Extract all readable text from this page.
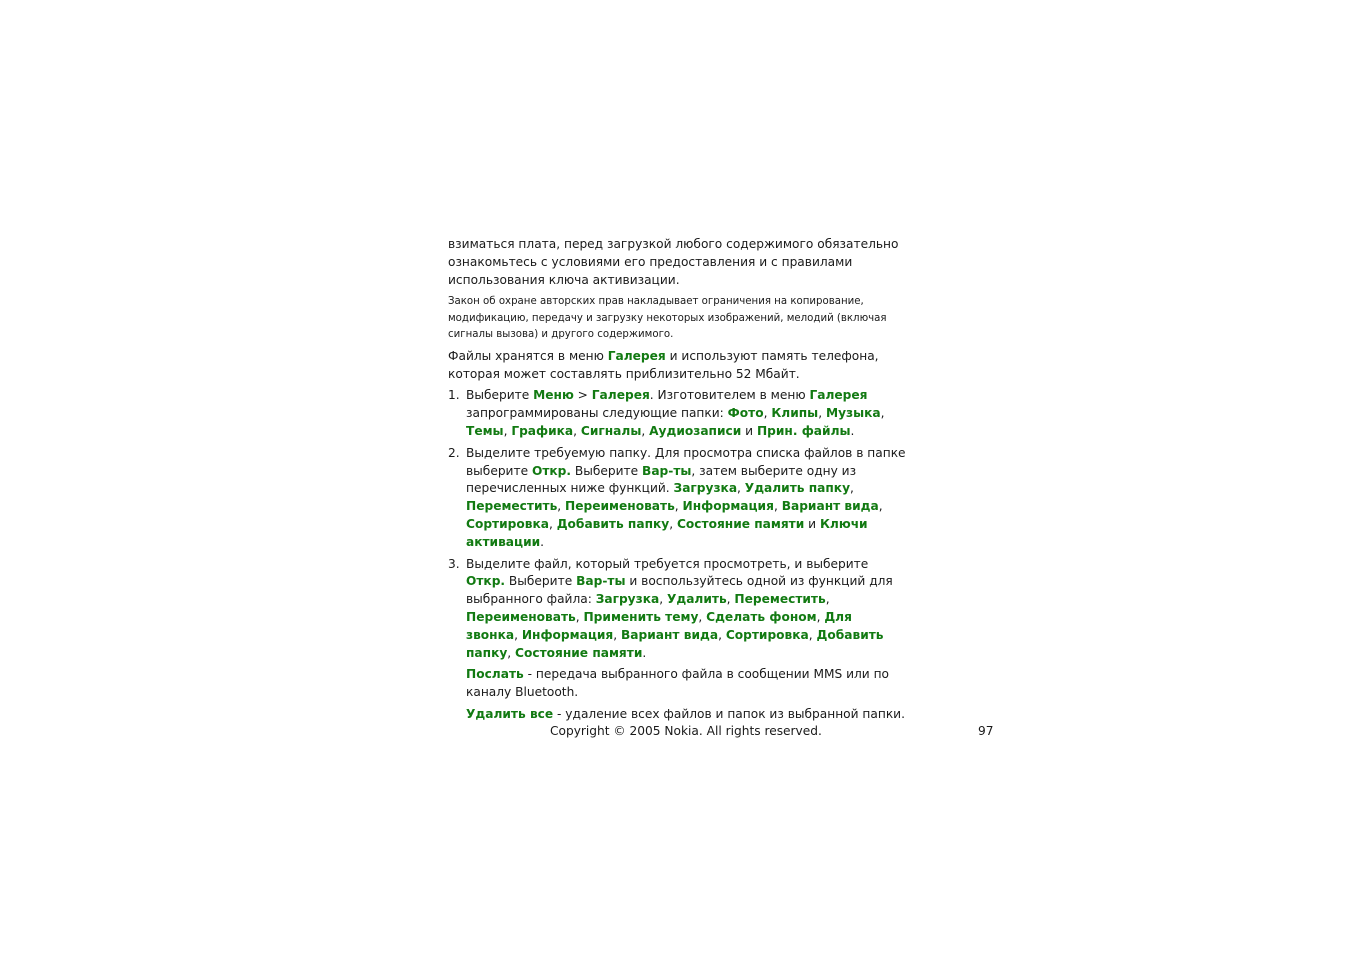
взиматься плата, перед загрузкой любого содержимого обязательно ознакомьтесь с условиями его предоставления и с правилами использования ключа активизации.

Закон об охране авторских прав накладывает ограничения на копирование, модификацию, передачу и загрузку некоторых изображений, мелодий (включая сигналы вызова) и другого содержимого.

Файлы хранятся в меню Галерея и используют память телефона, которая может составлять приблизительно 52 Мбайт.

1. Выберите Меню > Галерея. Изготовителем в меню Галерея запрограммированы следующие папки: Фото, Клипы, Музыка, Темы, Графика, Сигналы, Аудиозаписи и Прин. файлы.
2. Выделите требуемую папку. Для просмотра списка файлов в папке выберите Откр. Выберите Вар-ты, затем выберите одну из перечисленных ниже функций. Загрузка, Удалить папку, Переместить, Переименовать, Информация, Вариант вида, Сортировка, Добавить папку, Состояние памяти и Ключи активации.
3. Выделите файл, который требуется просмотреть, и выберите Откр. Выберите Вар-ты и воспользуйтесь одной из функций для выбранного файла: Загрузка, Удалить, Переместить, Переименовать, Применить тему, Сделать фоном, Для звонка, Информация, Вариант вида, Сортировка, Добавить папку, Состояние памяти.

Послать - передача выбранного файла в сообщении MMS или по каналу Bluetooth.

Удалить все - удаление всех файлов и папок из выбранной папки.

Copyright © 2005 Nokia. All rights reserved.	97
